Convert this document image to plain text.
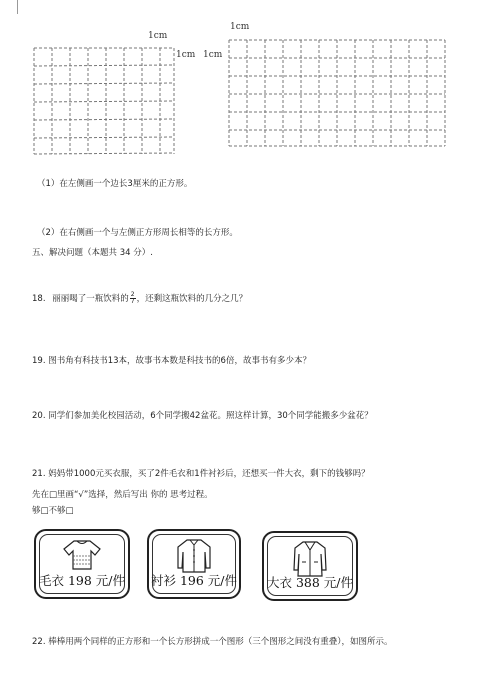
1cm
1cm
1cm
1cm
（1）在左侧画一个边长3厘米的正方形。
（2）在右侧画一个与左侧正方形周长相等的长方形。
五、解决问题（本题共 34 分）.
18. 丽丽喝了一瓶饮料的 $\frac{2}{7}$ ，还剩这瓶饮料的几分之几？
19. 图书角有科技书13本，故事书本数是科技书的6倍，故事书有多少本？
20. 同学们参加美化校园活动，6个同学搬42盆花。照这样计算，30个同学能搬多少盆花？
21. 妈妈带1000元买衣服，买了2件毛衣和1件衬衫后，还想买一件大衣，剩下的钱够吗？
先在□里画“√”选择，然后写出 你的 思考过程。
够□不够□
毛衣 198 元/件 衬衫 196 元/件 大衣 388 元/件
22. 棒棒用两个同样的正方形和一个长方形拼成一个图形（三个图形之间没有重叠），如图所示。
